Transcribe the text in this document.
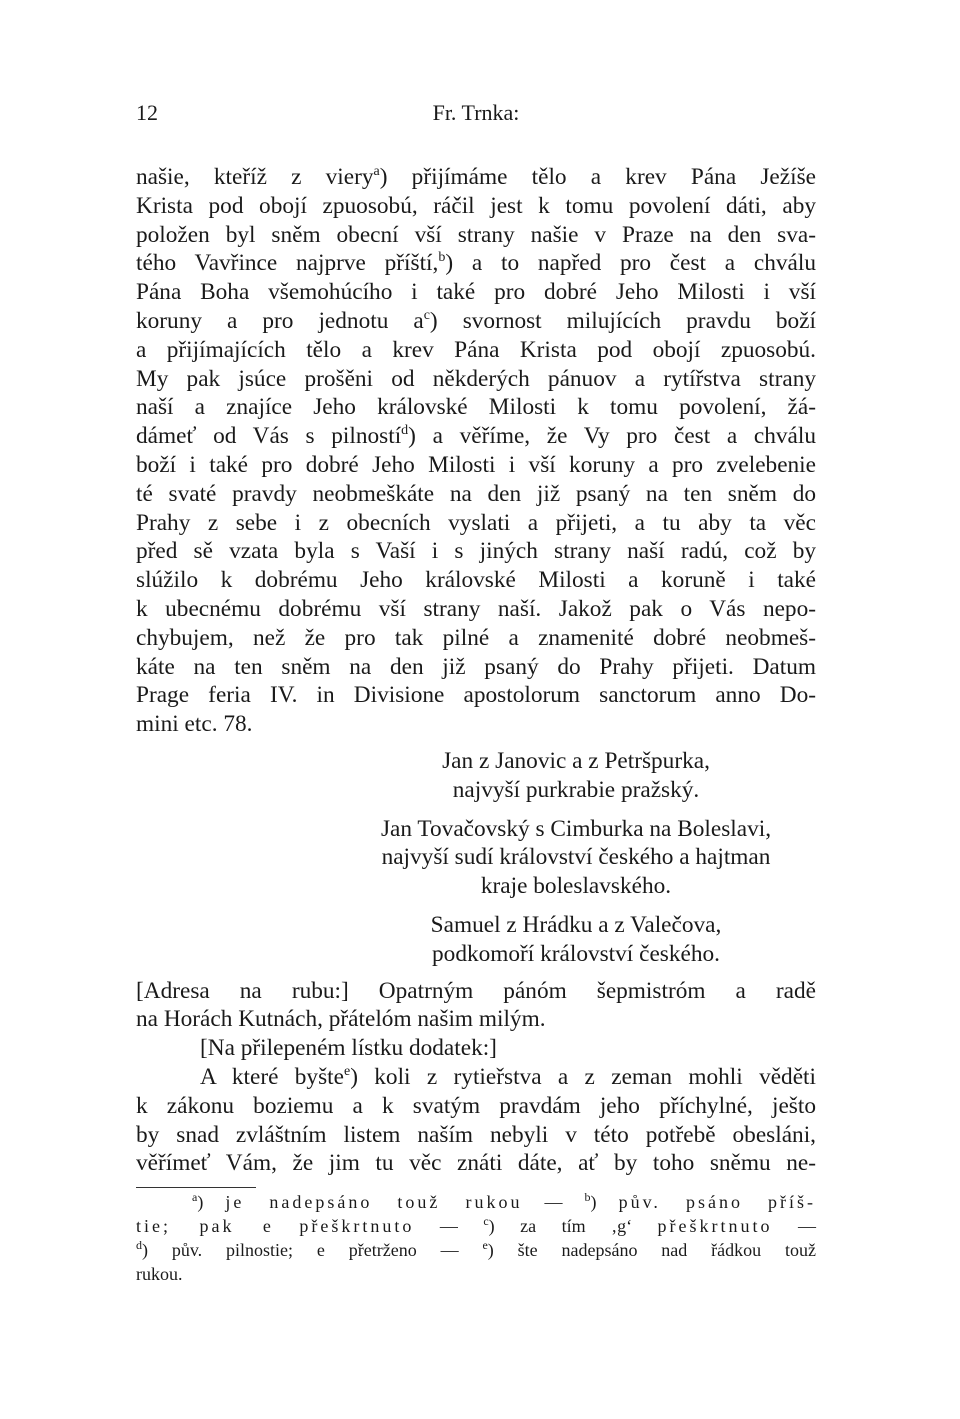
12	Fr. Trnka:
našie, kteříž z viery$^a$) přijímáme tělo a krev Pána Ježíše
Krista pod obojí zpuosobú, ráčil jest k tomu povolení dáti, aby
položen byl sněm obecní vší strany našie v Praze na den sva-
tého Vavřince najprve příští,$^b$) a to napřed pro čest a chválu
Pána Boha všemohúcího i také pro dobré Jeho Milosti i vší
koruny a pro jednotu $a^c$) svornost milujících pravdu boží
a přijímajících tělo a krev Pána Krista pod obojí zpuosobú.
My pak jsúce prošěni od někderých pánuov a rytířstva strany
naší a znajíce Jeho královské Milosti k tomu povolení, žá-
dámeť od Vás s pilností$^d$) a věříme, že Vy pro čest a chválu
boží i také pro dobré Jeho Milosti i vší koruny a pro zvelebenie
té svaté pravdy neobmeškáte na den již psaný na ten sněm do
Prahy z sebe i z obecních vyslati a přijeti, a tu aby ta věc
před sě vzata byla s Vaší i s jiných strany naší radú, což by
slúžilo k dobrému Jeho královské Milosti a koruně i také
k ubecnému dobrému vší strany naší. Jakož pak o Vás nepo-
chybujem, než že pro tak pilné a znamenité dobré neobmeš-
káte na ten sněm na den již psaný do Prahy přijeti. Datum
Prage feria IV. in Divisione apostolorum sanctorum anno Do-
mini etc. 78.
Jan z Janovic a z Petršpurka,
najvyší purkrabie pražský.
Jan Tovačovský s Cimburka na Boleslavi,
najvyší sudí království českého a hajtman
kraje boleslavského.
Samuel z Hrádku a z Valečova,
podkomoří království českého.
[Adresa na rubu:] Opatrným pánóm šepmistróm a radě
na Horách Kutnách, přátelóm našim milým.
[Na přilepeném lístku dodatek:]
A které byšte$^e$) koli z rytieřstva a z zeman mohli věděti
k zákonu boziemu a k svatým pravdám jeho příchylné, ješto
by snad zvláštním listem naším nebyli v této potřebě obesláni,
věřímeť Vám, že jim tu věc znáti dáte, ať by toho sněmu ne-
$^a$) je nadepsáno touž rukou — $^b$) pův. psáno příš-
tie; pak e přeškrtnuto — $^c$) za tím ‚g‘ přeškrtnuto —
$^d$) pův. pilnostie; e přetrženo — $^e$) šte nadepsáno nad řádkou touž
rukou.
